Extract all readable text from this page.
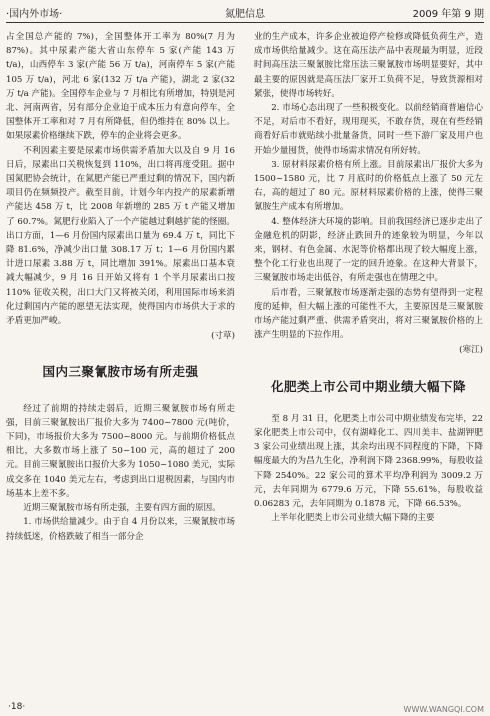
·国内外市场·	氮肥信息	2009 年第 9 期

占全国总产能的 7%)，全国整体开工率为 80%(7 月为 87%)。其中尿素产能大省山东停车 5 家(产能 143 万 t/a)，山西停车 3 家(产能 56 万 t/a)，河南停车 5 家(产能 105 万 t/a)，河北 6 家(132 万 t/a 产能)，湖北 2 家(32 万 t/a 产能)。全国停车企业与 7 月相比有所增加，特别是河北、河南两省，另有部分企业迫于成本压力有意向停车，全国整体开工率和对 7 月有所降低，但仍维持在 80% 以上。如果尿素价格继续下跌，停车的企业将会更多。

不利因素主要是尿素市场供需矛盾加大以及自 9 月 16 日后，尿素出口关税恢复到 110%，出口将再度受阻。据中国氮肥协会统计，在氮肥产能已严重过剩的情况下，国内新项目仍在频频投产。截至目前，计划今年内投产的尿素新增产能达 458 万 t，比 2008 年新增的 285 万 t 产能又增加了 60.7%。氮肥行业陷入了一个产能越过剩越扩能的怪圈。出口方面，1—6 月份国内尿素出口量为 69.4 万 t，同比下降 81.6%，净减少出口量 308.17 万 t；1—6 月份国内累计进口尿素 3.88 万 t，同比增加 391%。尿素出口基本衰减大幅减少，9 月 16 日开始又将有 1 个半月尿素出口按 110% 征收关税，出口大门又将被关闭，利用国际市场来消化过剩国内产能的愿望无法实现，使得国内市场供大于求的矛盾更加严峻。

(寸草)

国内三聚氰胺市场有所走强

经过了前期的持续走弱后，近期三聚氰胺市场有所走强，目前三聚氰胺出厂报价大多为 7400~7800 元(吨价，下同)，市场报价大多为 7500~8000 元。与前期价格低点相比，大多数市场上涨了 50~100 元，高的超过了 200 元。目前三聚氰胺出口报价大多为 1050~1080 美元，实际成交多在 1040 美元左右，考虑到出口退税因素，与国内市场基本上差不多。

近期三聚氰胺市场有所走强，主要有四方面的原因。

1. 市场供给量减少。由于自 4 月份以来，三聚氰胺市场持续低迷，价格跌破了相当一部分企

业的生产成本，许多企业被迫停产检修或降低负荷生产，造成市场供给量减少。这在高压法产品中表现最为明显，近段时间高压法三聚氰胺比常压法三聚氰胺市场明显要好，其中最主要的原因就是高压法厂家开工负荷不足，导致货源相对紧张，使得市场转好。

2. 市场心态出现了一些积极变化。以前经销商普遍信心不足，对后市不看好，现用现买，不敢存货，现在有些经销商看好后市就贴续小批量备货，同时一些下游厂家及用户也开始少量囤货，使得市场需求情况有所好转。

3. 原材料尿素价格有所上涨。目前尿素出厂报价大多为 1500~1580 元，比 7 月底时的价格低点上涨了 50 元左右，高的超过了 80 元。原材料尿素价格的上涨，使得三聚氰胺生产成本有所增加。

4. 整体经济大环境的影响。目前我国经济已逐步走出了金融危机的阴影，经济止跌回升的迹象较为明显，今年以来，钢材、有色金属、水泥等价格都出现了较大幅度上涨，整个化工行业也出现了一定的回升迹象。在这种大背景下，三聚氰胺市场走出低谷，有所走强也在情理之中。

后市看，三聚氰胺市场逐渐走强的态势有望得到一定程度的延伸，但大幅上涨的可能性不大，主要原因是三聚氰胺市场产能过剩严重、供需矛盾突出，将对三聚氰胺价格的上涨产生明显的下拉作用。

(寒江)

化肥类上市公司中期业绩大幅下降

至 8 月 31 日，化肥类上市公司中期业绩发布完毕，22 家化肥类上市公司中，仅有湖峰化工、四川美丰、盐湖钾肥 3 家公司业绩出现上涨，其余均出现不同程度的下降，下降幅度最大的为昌九生化，净利润下降 2368.99%，每股收益下降 2540%。22 家公司的算术平均净利润为 3009.2 万元，去年同期为 6779.6 万元，下降 55.61%，每股收益 0.06283 元，去年同期为 0.1878 元，下降 66.53%。

上半年化肥类上市公司业绩大幅下降的主要

·18·	WWW.WANGQI.COM
